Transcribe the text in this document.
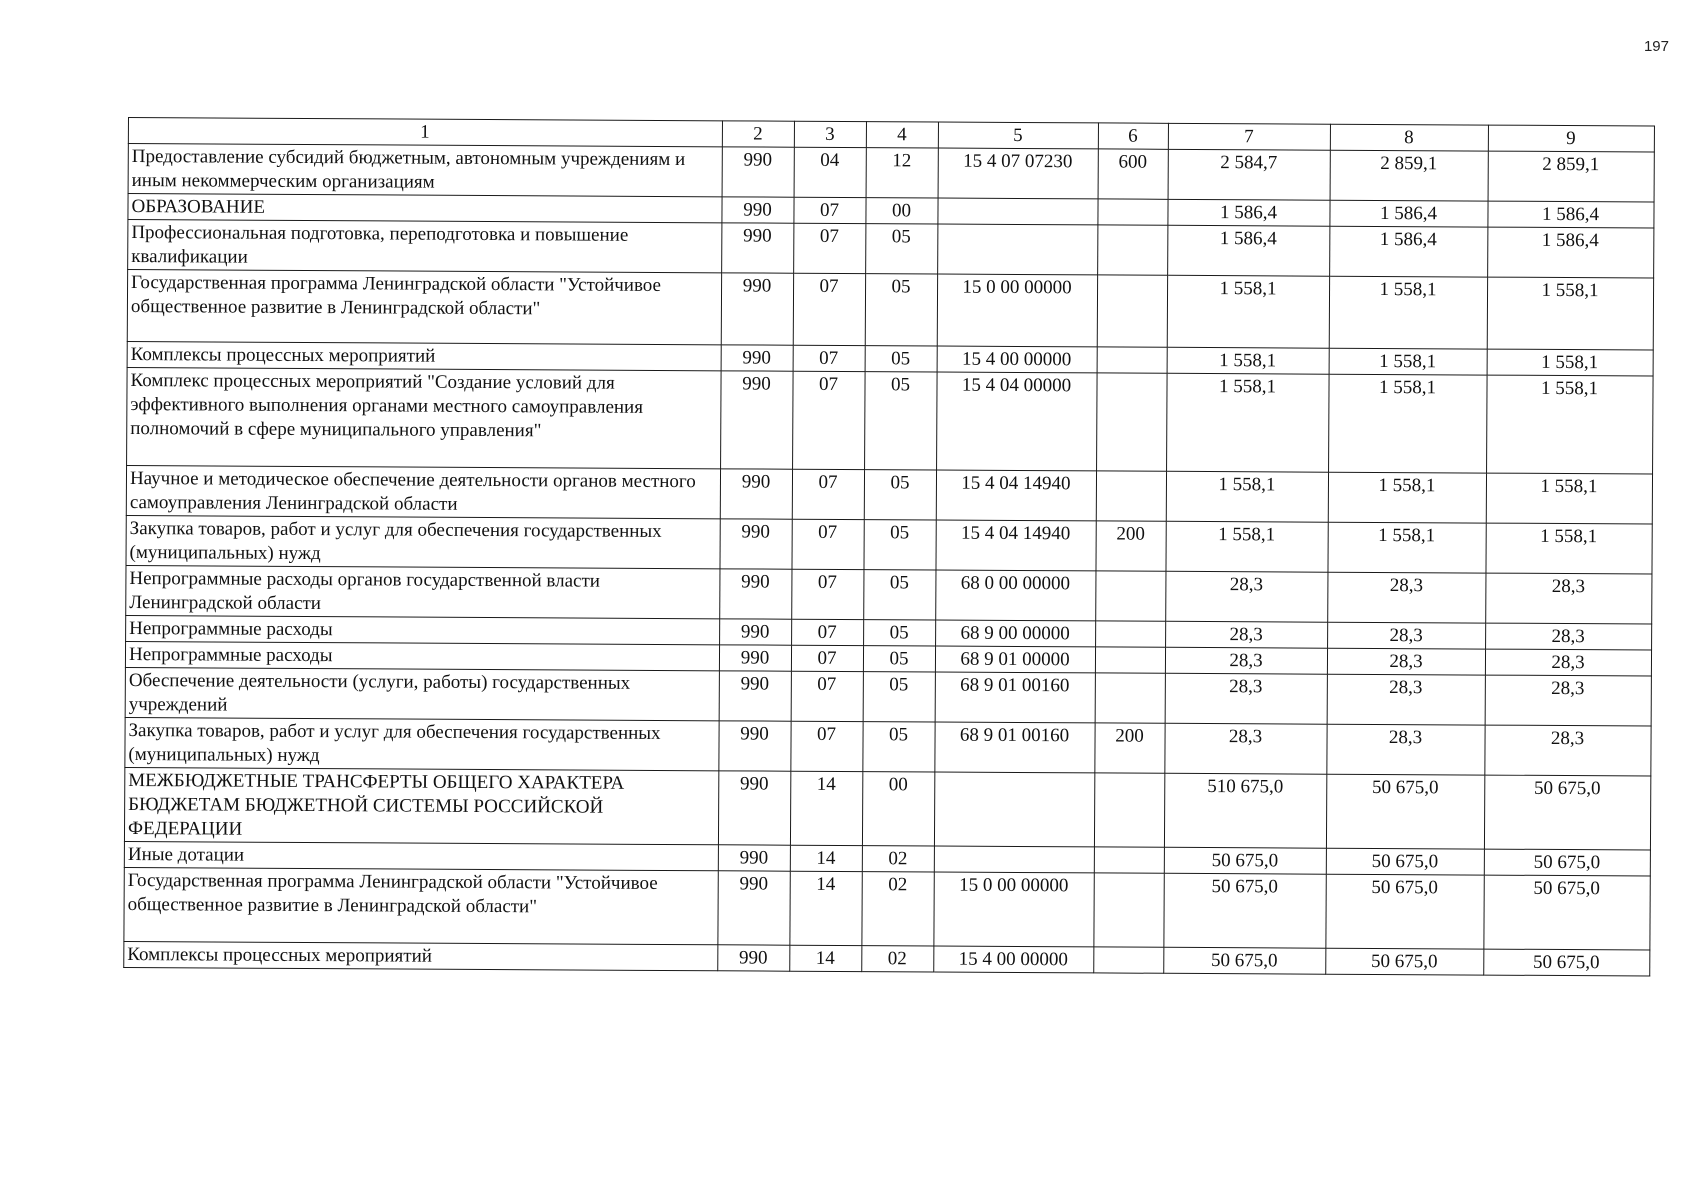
197
1	2	3	4	5	6	7	8	9
Предоставление субсидий бюджетным, автономным учреждениям и иным некоммерческим организациям	990	04	12	15 4 07 07230	600	2 584,7	2 859,1	2 859,1
ОБРАЗОВАНИЕ	990	07	00			1 586,4	1 586,4	1 586,4
Профессиональная подготовка, переподготовка и повышение квалификации	990	07	05			1 586,4	1 586,4	1 586,4
Государственная программа Ленинградской области "Устойчивое общественное развитие в Ленинградской области"	990	07	05	15 0 00 00000		1 558,1	1 558,1	1 558,1
Комплексы процессных мероприятий	990	07	05	15 4 00 00000		1 558,1	1 558,1	1 558,1
Комплекс процессных мероприятий "Создание условий для эффективного выполнения органами местного самоуправления полномочий в сфере муниципального управления"	990	07	05	15 4 04 00000		1 558,1	1 558,1	1 558,1
Научное и методическое обеспечение деятельности органов местного самоуправления Ленинградской области	990	07	05	15 4 04 14940		1 558,1	1 558,1	1 558,1
Закупка товаров, работ и услуг для обеспечения государственных (муниципальных) нужд	990	07	05	15 4 04 14940	200	1 558,1	1 558,1	1 558,1
Непрограммные расходы органов государственной власти Ленинградской области	990	07	05	68 0 00 00000		28,3	28,3	28,3
Непрограммные расходы	990	07	05	68 9 00 00000		28,3	28,3	28,3
Непрограммные расходы	990	07	05	68 9 01 00000		28,3	28,3	28,3
Обеспечение деятельности (услуги, работы) государственных учреждений	990	07	05	68 9 01 00160		28,3	28,3	28,3
Закупка товаров, работ и услуг для обеспечения государственных (муниципальных) нужд	990	07	05	68 9 01 00160	200	28,3	28,3	28,3
МЕЖБЮДЖЕТНЫЕ ТРАНСФЕРТЫ ОБЩЕГО ХАРАКТЕРА БЮДЖЕТАМ БЮДЖЕТНОЙ СИСТЕМЫ РОССИЙСКОЙ ФЕДЕРАЦИИ	990	14	00			510 675,0	50 675,0	50 675,0
Иные дотации	990	14	02			50 675,0	50 675,0	50 675,0
Государственная программа Ленинградской области "Устойчивое общественное развитие в Ленинградской области"	990	14	02	15 0 00 00000		50 675,0	50 675,0	50 675,0
Комплексы процессных мероприятий	990	14	02	15 4 00 00000		50 675,0	50 675,0	50 675,0
